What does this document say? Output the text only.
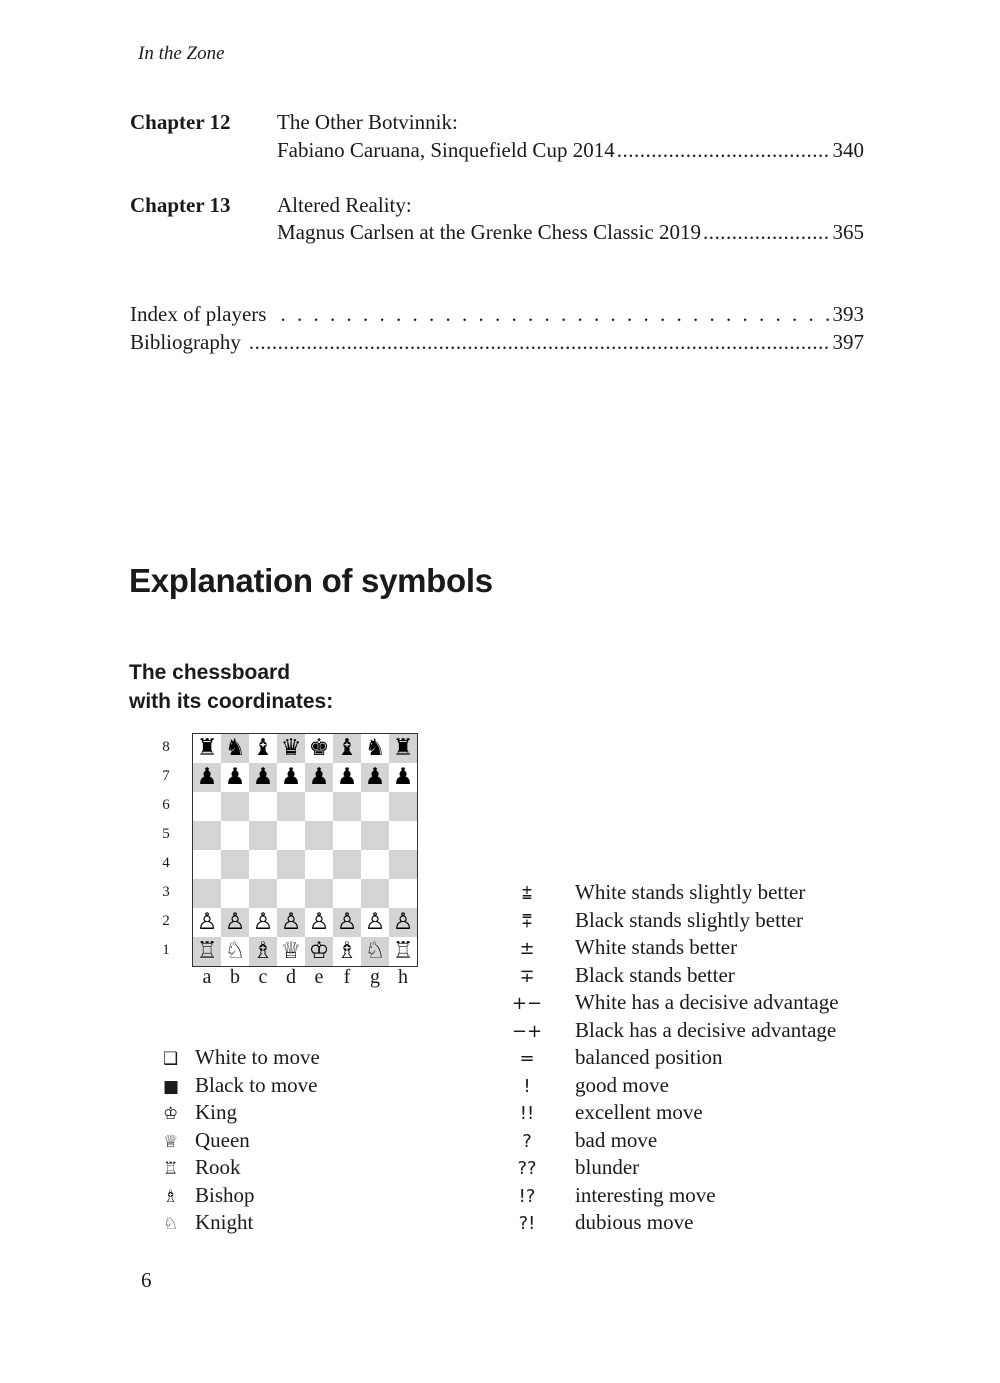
In the Zone
Chapter 12 The Other Botvinnik:
Fabiano Caruana, Sinquefield Cup 2014 .....	340
Chapter 13 Altered Reality:
Magnus Carlsen at the Grenke Chess Classic 2019 .....	365
Index of players . . .	393
Bibliography .....	397
Explanation of symbols
The chessboard
with its coordinates:
8
7
6
5
4
3
2
1
a b c d e	f g h
♜ ♞ ♝ ♛ ♚ ♝ ♞ ♜
♟ ♟ ♟ ♟ ♟ ♟ ♟ ♟
♙ ♙ ♙ ♙ ♙ ♙ ♙ ♙
♖ ♘ ♗ ♕ ♔ ♗ ♘ ♖
❑ White to move
■ Black to move
♔ King
♕ Queen
♖ Rook
♗ Bishop
♘ Knight
⩲	White stands slightly better
⩱	Black stands slightly better
±	White stands better
∓	Black stands better
+−	White has a decisive advantage
−+	Black has a decisive advantage
=	balanced position
!	good move
!!	excellent move
?	bad move
??	blunder
!?	interesting move
?!	dubious move
6
